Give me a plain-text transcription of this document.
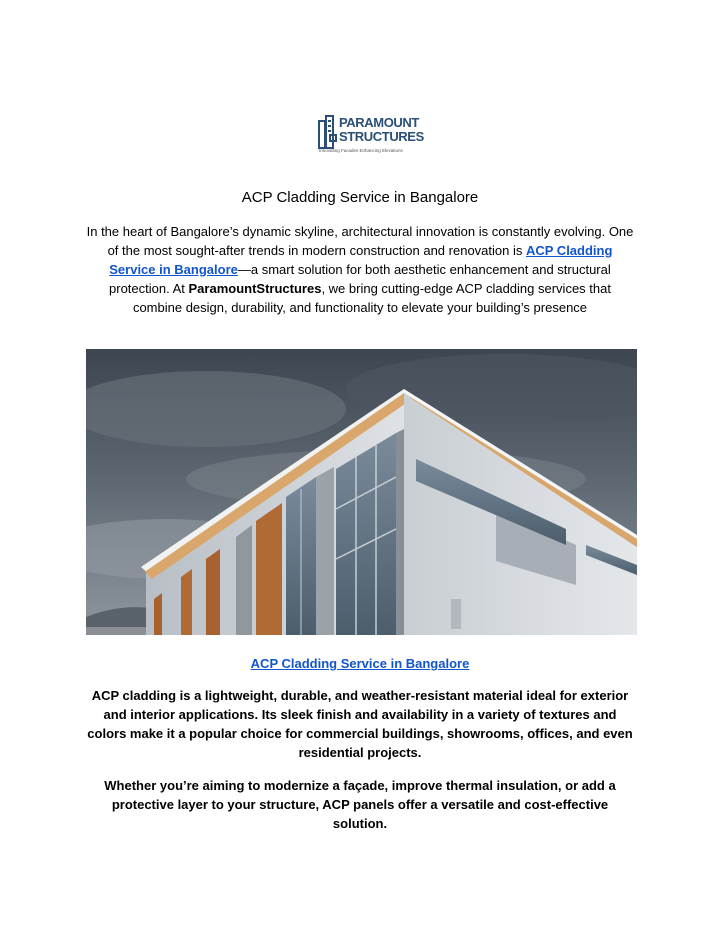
PARAMOUNT
STRUCTURES
Innovating Facades Enhancing Elevations
ACP Cladding Service in Bangalore
In the heart of Bangalore’s dynamic skyline, architectural innovation is constantly evolving. One of the most sought-after trends in modern construction and renovation is ACP Cladding Service in Bangalore—a smart solution for both aesthetic enhancement and structural protection. At ParamountStructures, we bring cutting-edge ACP cladding services that combine design, durability, and functionality to elevate your building’s presence
ACP Cladding Service in Bangalore
ACP cladding is a lightweight, durable, and weather-resistant material ideal for exterior and interior applications. Its sleek finish and availability in a variety of textures and colors make it a popular choice for commercial buildings, showrooms, offices, and even residential projects.
Whether you’re aiming to modernize a façade, improve thermal insulation, or add a protective layer to your structure, ACP panels offer a versatile and cost-effective solution.
